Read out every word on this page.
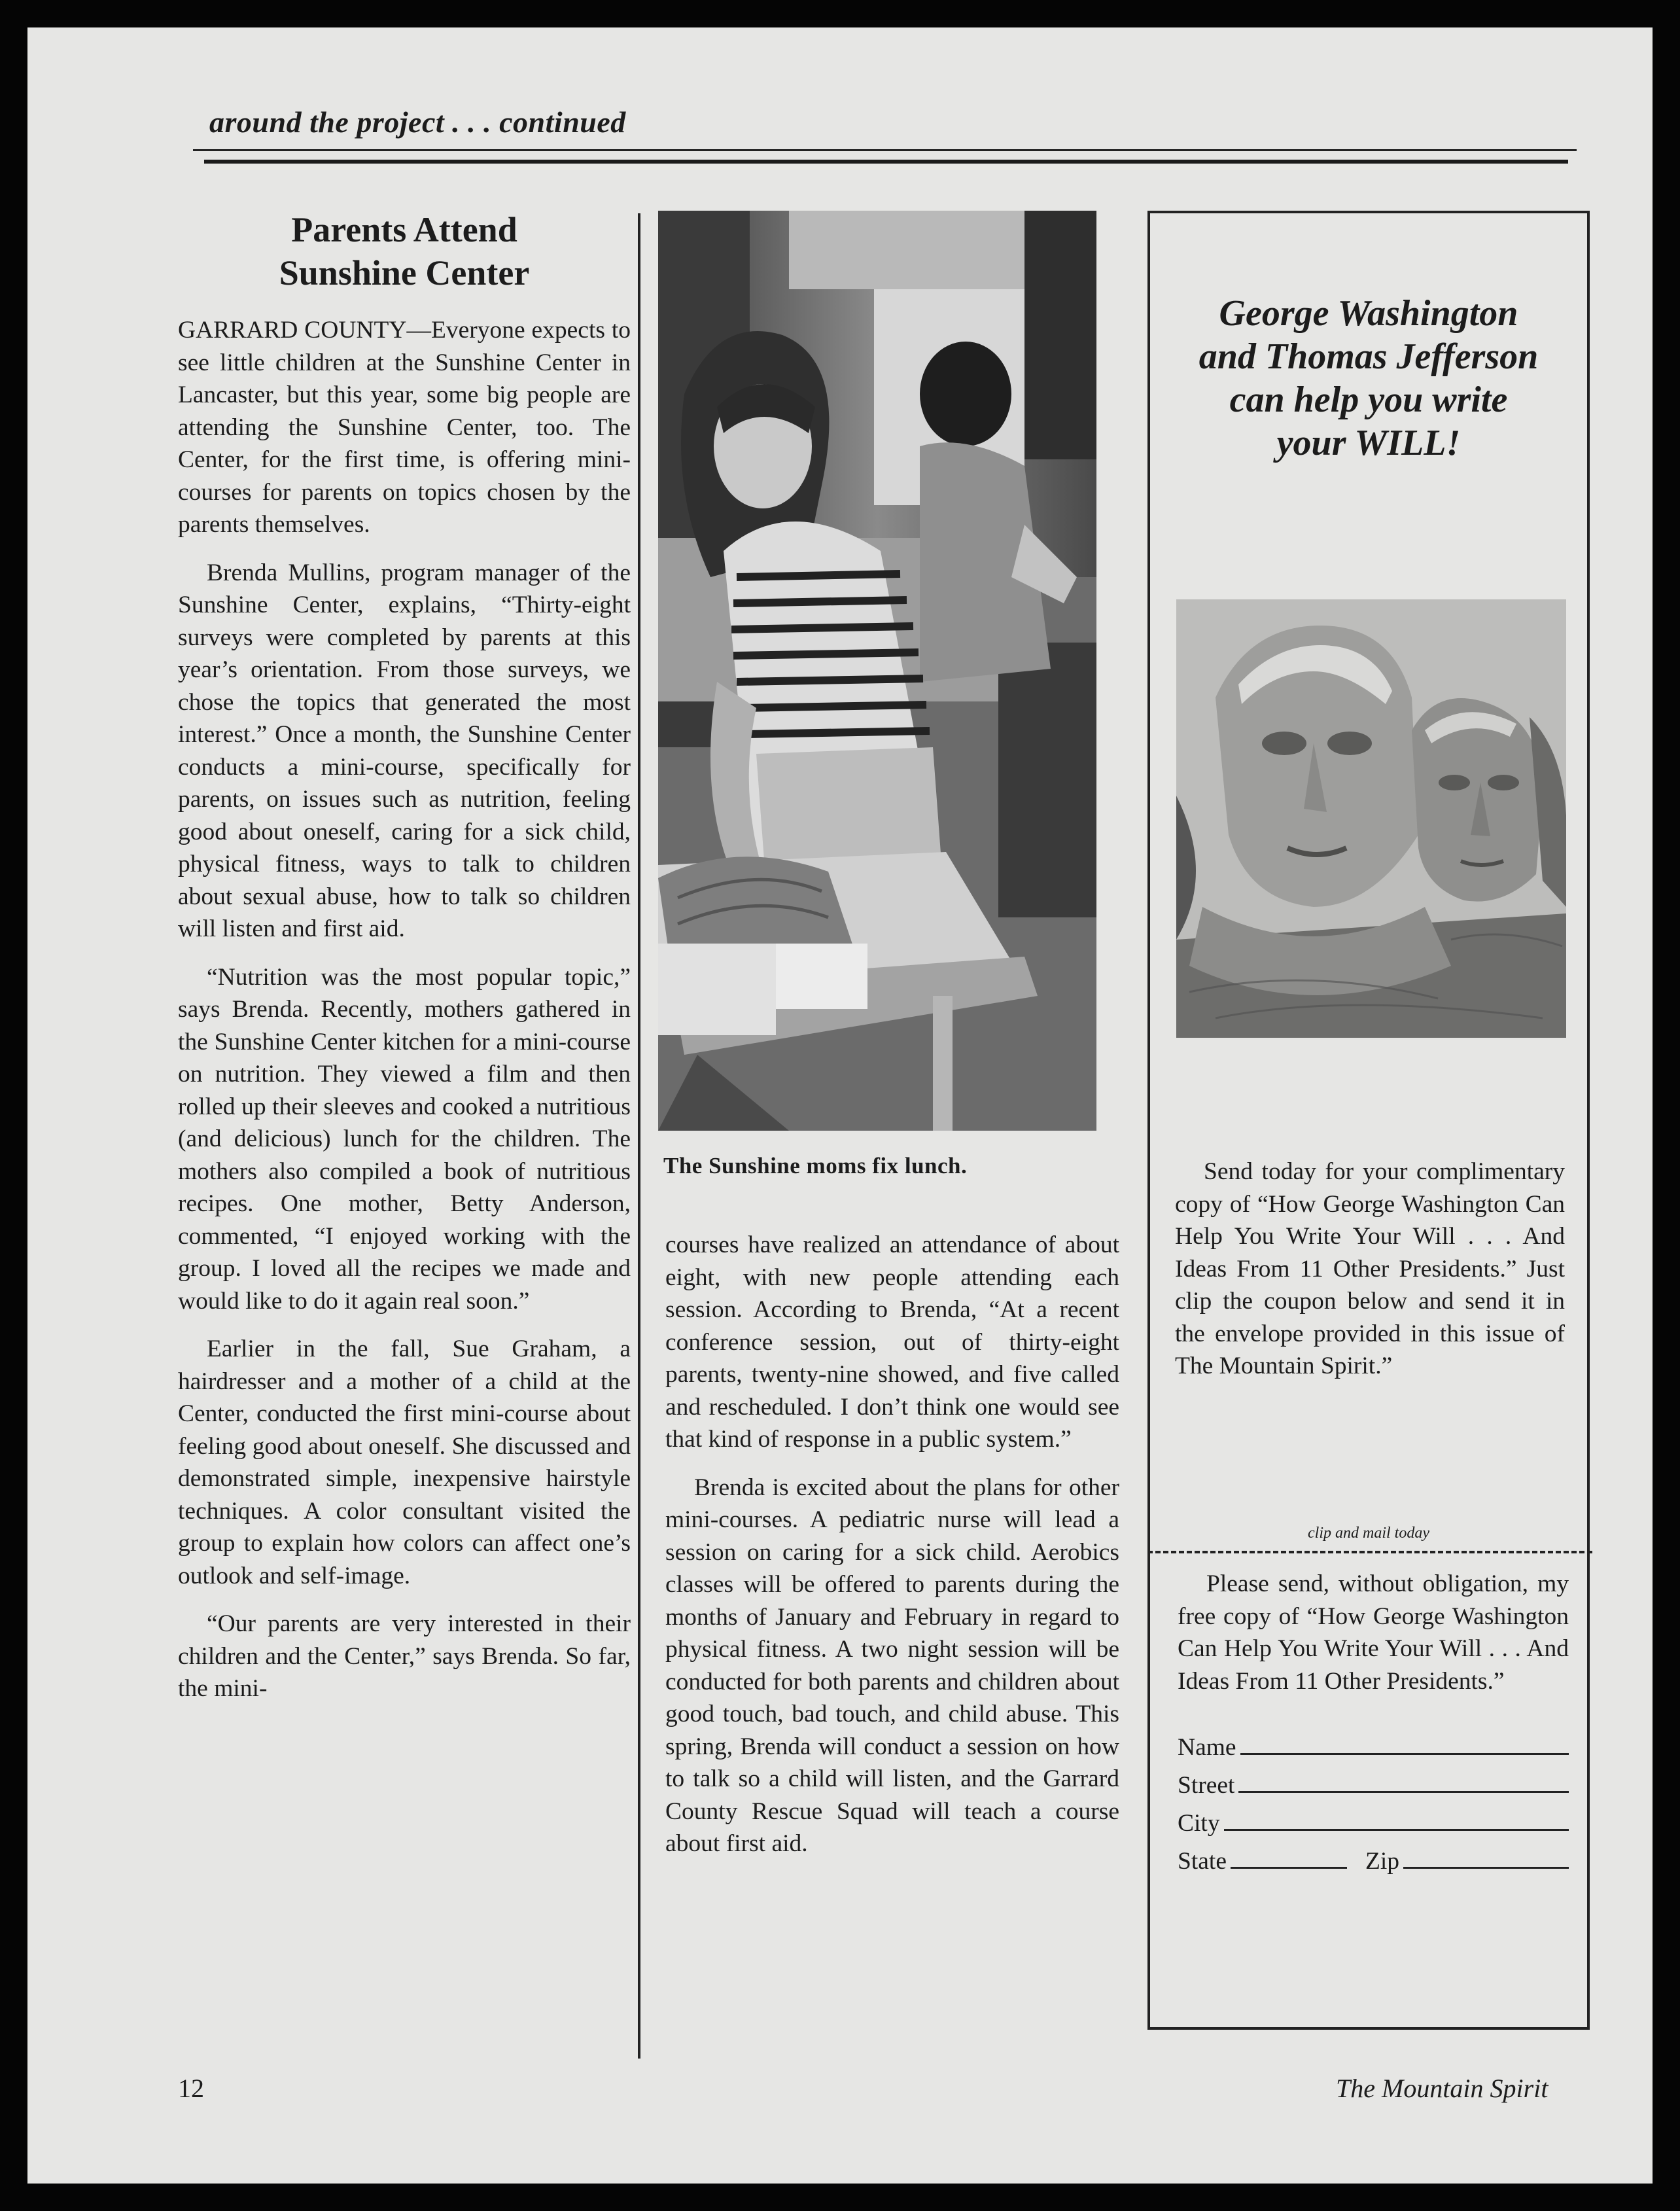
around the project . . . continued
Parents Attend
Sunshine Center

GARRARD COUNTY—Everyone expects to see little children at the Sunshine Center in Lancaster, but this year, some big people are attending the Sunshine Center, too. The Center, for the first time, is offering mini-courses for parents on topics chosen by the parents themselves.

Brenda Mullins, program manager of the Sunshine Center, explains, “Thirty-eight surveys were completed by parents at this year’s orientation. From those surveys, we chose the topics that generated the most interest.” Once a month, the Sunshine Center conducts a mini-course, specifically for parents, on issues such as nutrition, feeling good about oneself, caring for a sick child, physical fitness, ways to talk to children about sexual abuse, how to talk so children will listen and first aid.

“Nutrition was the most popular topic,” says Brenda. Recently, mothers gathered in the Sunshine Center kitchen for a mini-course on nutrition. They viewed a film and then rolled up their sleeves and cooked a nutritious (and delicious) lunch for the children. The mothers also compiled a book of nutritious recipes. One mother, Betty Anderson, commented, “I enjoyed working with the group. I loved all the recipes we made and would like to do it again real soon.”

Earlier in the fall, Sue Graham, a hairdresser and a mother of a child at the Center, conducted the first mini-course about feeling good about oneself. She discussed and demonstrated simple, inexpensive hairstyle techniques. A color consultant visited the group to explain how colors can affect one’s outlook and self-image.

“Our parents are very interested in their children and the Center,” says Brenda. So far, the mini-

The Sunshine moms fix lunch.

courses have realized an attendance of about eight, with new people attending each session. According to Brenda, “At a recent conference session, out of thirty-eight parents, twenty-nine showed, and five called and rescheduled. I don’t think one would see that kind of response in a public system.”

Brenda is excited about the plans for other mini-courses. A pediatric nurse will lead a session on caring for a sick child. Aerobics classes will be offered to parents during the months of January and February in regard to physical fitness. A two night session will be conducted for both parents and children about good touch, bad touch, and child abuse. This spring, Brenda will conduct a session on how to talk so a child will listen, and the Garrard County Rescue Squad will teach a course about first aid.

George Washington
and Thomas Jefferson
can help you write
your WILL!

Send today for your complimentary copy of “How George Washington Can Help You Write Your Will . . . And Ideas From 11 Other Presidents.” Just clip the coupon below and send it in the envelope provided in this issue of The Mountain Spirit.”

clip and mail today

Please send, without obligation, my free copy of “How George Washington Can Help You Write Your Will . . . And Ideas From 11 Other Presidents.”

Name
Street
City
State	Zip
12	The Mountain Spirit
